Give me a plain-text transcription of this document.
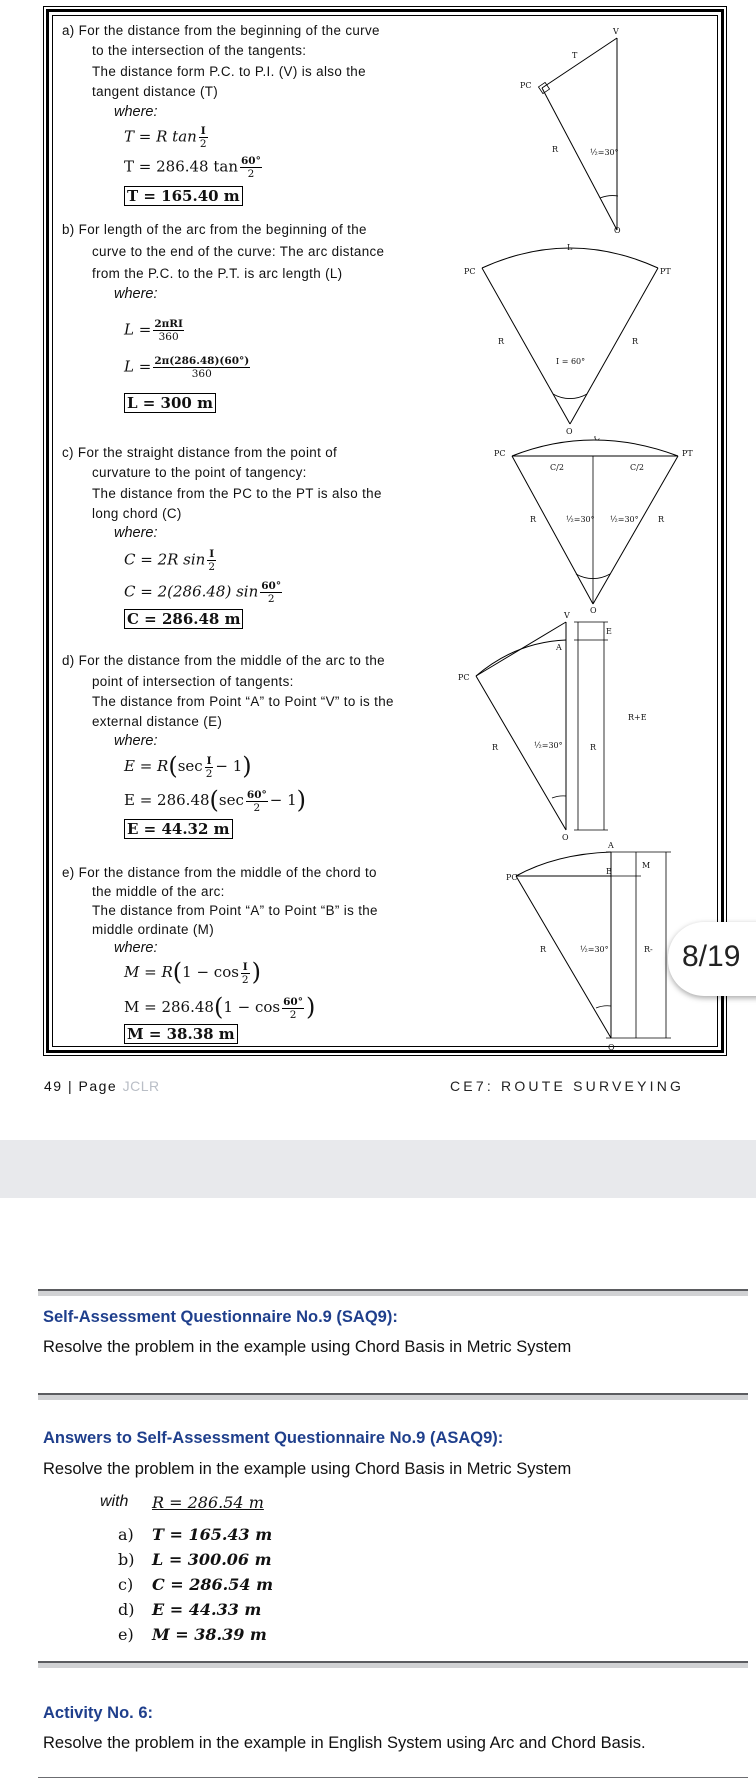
a) For the distance from the beginning of the curve
to the intersection of the tangents:
The distance form P.C. to P.I. (V) is also the
tangent distance (T)
where:
T = R $\tan \frac{I}{2}$
T = 286.48 $\tan \frac{60^\circ}{2}$
T = 165.40 m
b) For length of the arc from the beginning of the
curve to the end of the curve: The arc distance
from the P.C. to the P.T. is arc length (L)
where:
$L = \frac{\text{2πRI}}{360}$
$L = \frac{2\pi(286.48)(60^\circ)}{360}$
L = 300 m
c) For the straight distance from the point of
curvature to the point of tangency:
The distance from the PC to the PT is also the
long chord (C)
where:
C = 2R $\sin \frac{I}{2}$
C = 2(286.48) $\sin \frac{60^\circ}{2}$
C = 286.48 m
d) For the distance from the middle of the arc to the
point of intersection of tangents:
The distance from Point “A” to Point “V” to is the
external distance (E)
where:
$E = R(\sec \frac{I}{2} - 1)$
$E = 286.48(\sec \frac{60^\circ}{2} - 1)$
E = 44.32 m
e) For the distance from the middle of the chord to
the middle of the arc:
The distance from Point “A” to Point “B” is the
middle ordinate (M)
where:
$M = R(1 - \cos \frac{I}{2}$ )
$M = 286.48(1 - \cos \frac{60^\circ}{2}$ )
M = 38.38 m
V
T
PC
R	½=30°
O
L
PC	PT
R	R
I = 60°
O
C
PC	PT
C/2	C/2
R	R
½=30° ½=30°
O
V
A
E
PC
R	R
R+E
½=30°
O
A
B
M
PC
R	R-
½=30°
O
49 | Page JCLR	CE7: ROUTE SURVEYING
8/19
Self-Assessment Questionnaire No.9 (SAQ9):
Resolve the problem in the example using Chord Basis in Metric System
Answers to Self-Assessment Questionnaire No.9 (ASAQ9):
Resolve the problem in the example using Chord Basis in Metric System
with R = 286.54 m
a) T = 165.43 m
b) L = 300.06 m
c) C = 286.54 m
d) E = 44.33 m
e) M = 38.39 m
Activity No. 6:
Resolve the problem in the example in English System using Arc and Chord Basis.
